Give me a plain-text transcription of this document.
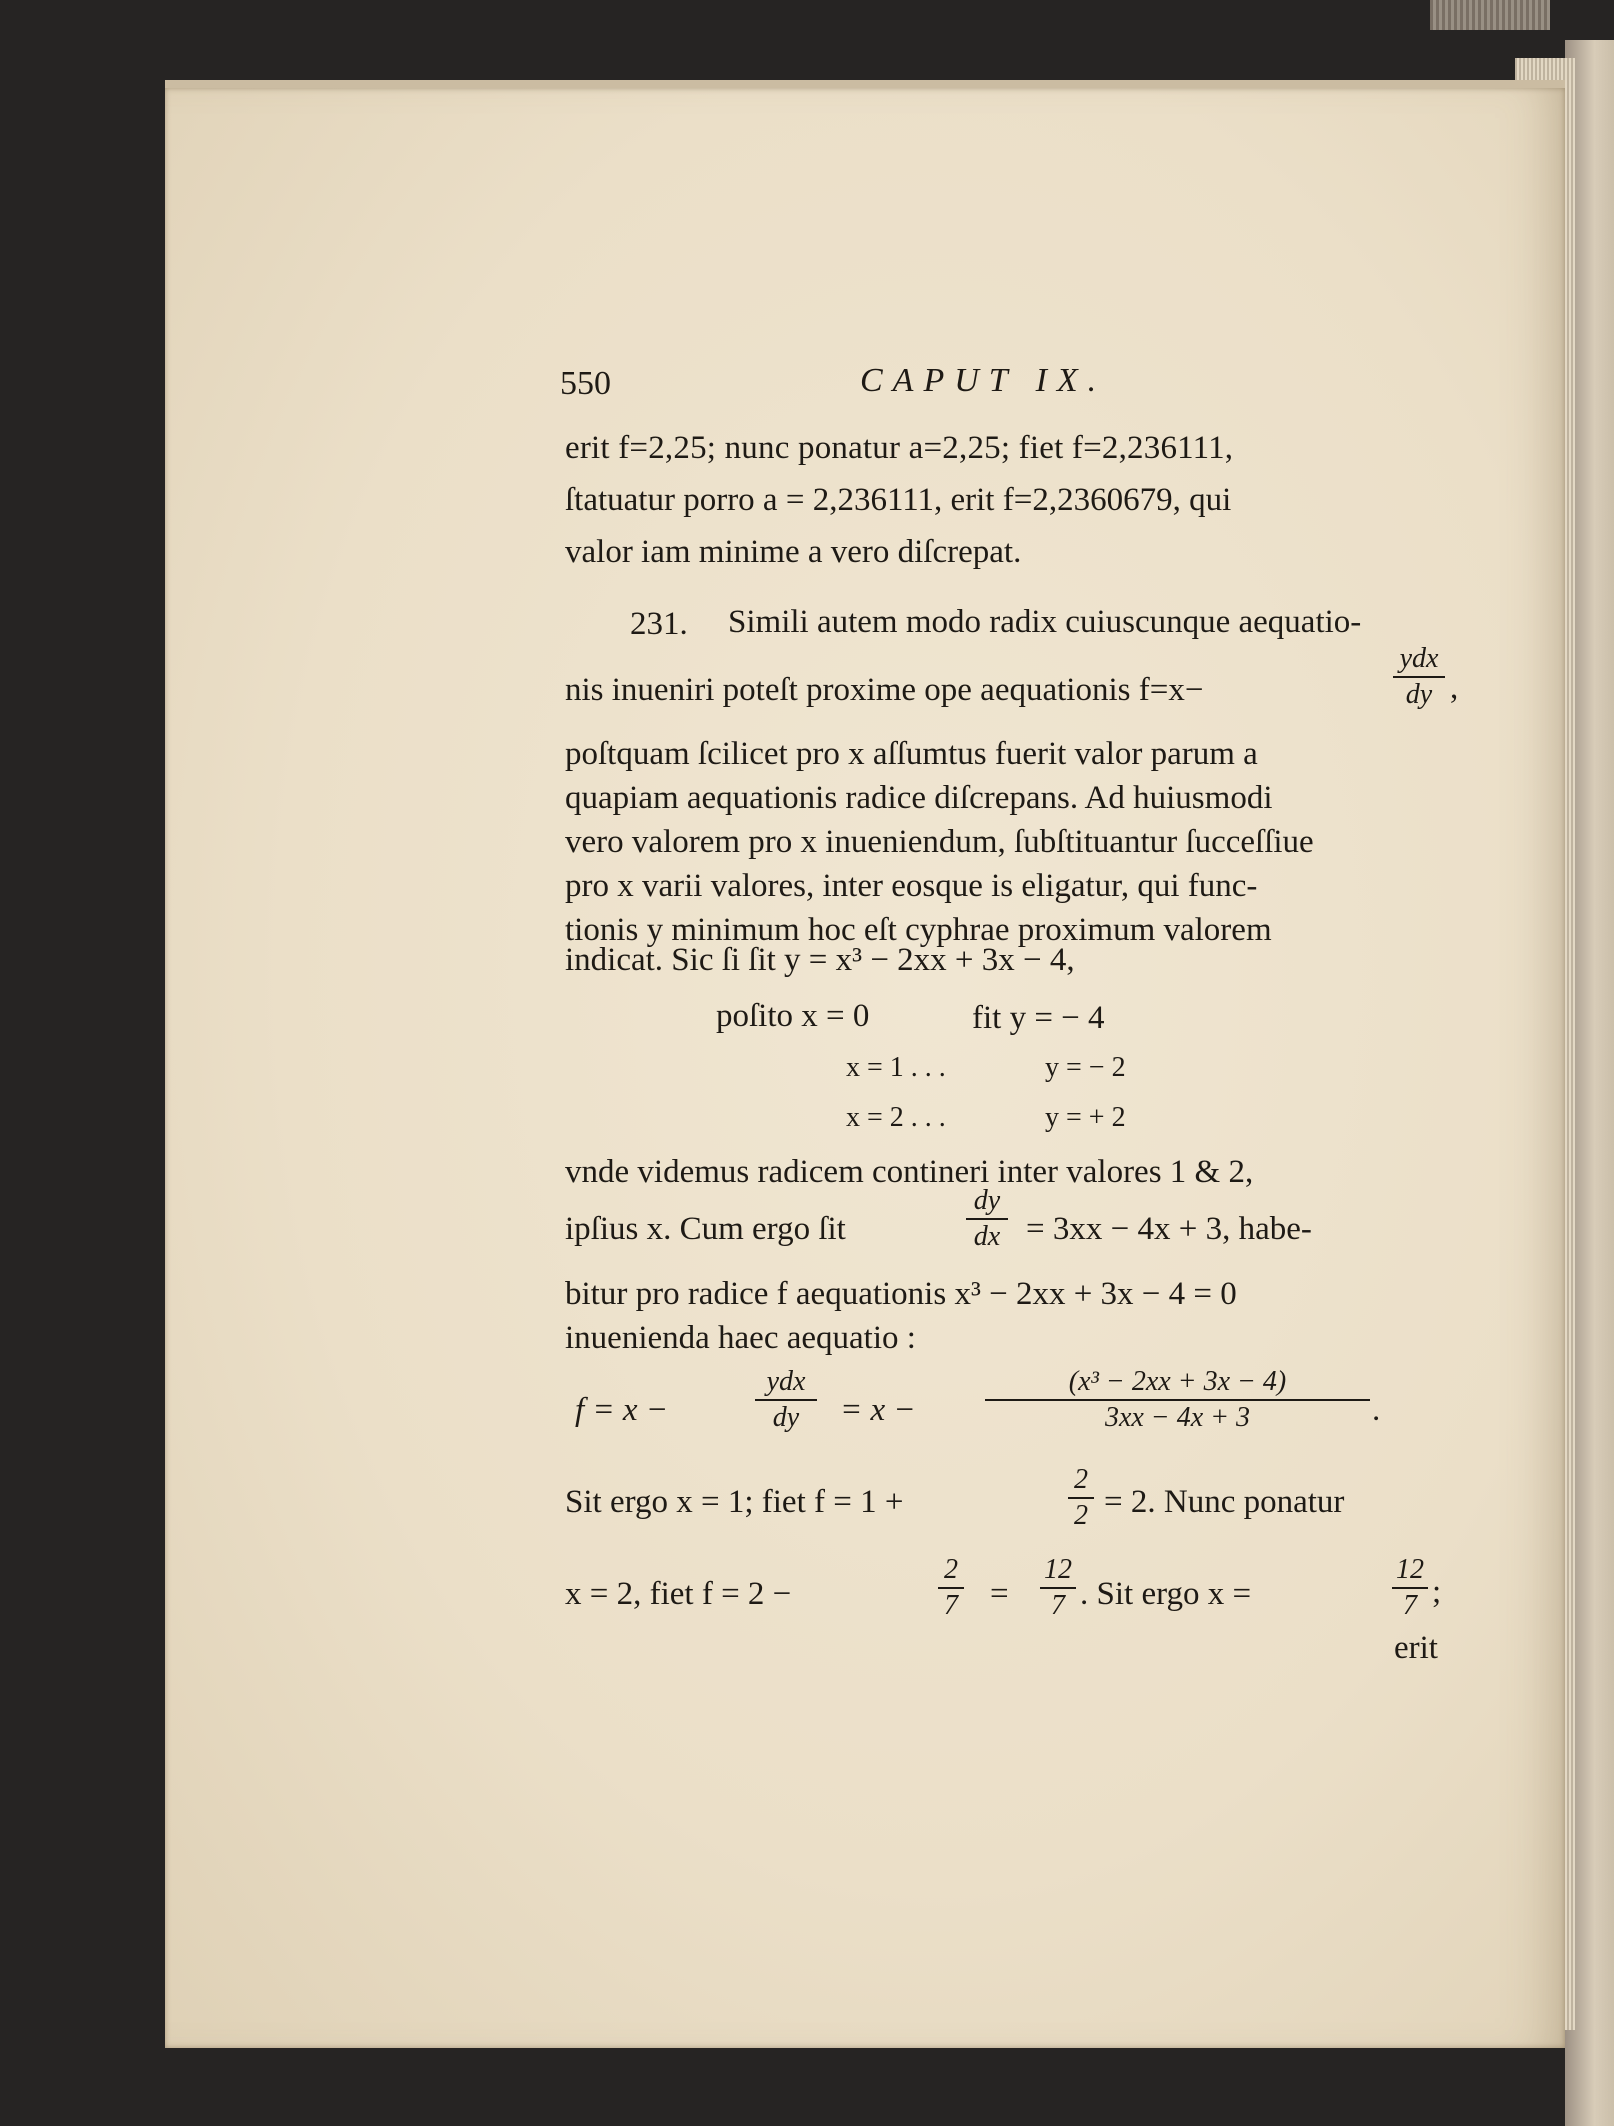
550	CAPUT IX.
erit f=2,25; nunc ponatur a=2,25; fiet f=2,236111,
ſtatuatur porro a = 2,236111, erit f=2,2360679, qui
valor iam minime a vero diſcrepat.
231. Simili autem modo radix cuiuscunque aequatio-
nis inueniri poteſt proxime ope aequationis f=x−
ydx
dy ,
poſtquam ſcilicet pro x aſſumtus fuerit valor parum a
quapiam aequationis radice diſcrepans. Ad huiusmodi
vero valorem pro x inueniendum, ſubſtituantur ſucceſſiue
pro x varii valores, inter eosque is eligatur, qui func-
tionis y minimum hoc eſt cyphrae proximum valorem
indicat. Sic ſi ſit y = x³ − 2xx + 3x − 4,
poſito x = 0	fit y = − 4
x = 1 . . .	y = − 2
x = 2 . . .	y = + 2
vnde videmus radicem contineri inter valores 1 & 2,
ipſius x. Cum ergo ſit	$\frac{dy}{dx} = 3xx - 4x + 3$, habe-
bitur pro radice f aequationis x³ − 2xx + 3x − 4 = 0
inuenienda haec aequatio :
f = x −
ydx
dy	= $x - \frac{\text{(x³ − 2xx + 3x − 4)}}{3xx - 4x + 3}$ .
Sit ergo x = 1; fiet f = 1 +	$\frac{2}{2} = 2$. Nunc ponatur
x = 2, fiet f = 2 −	$\frac{2}{7} = \frac{12}{7}$ . Sit ergo x =	$\frac{12}{7}$ ;
erit
